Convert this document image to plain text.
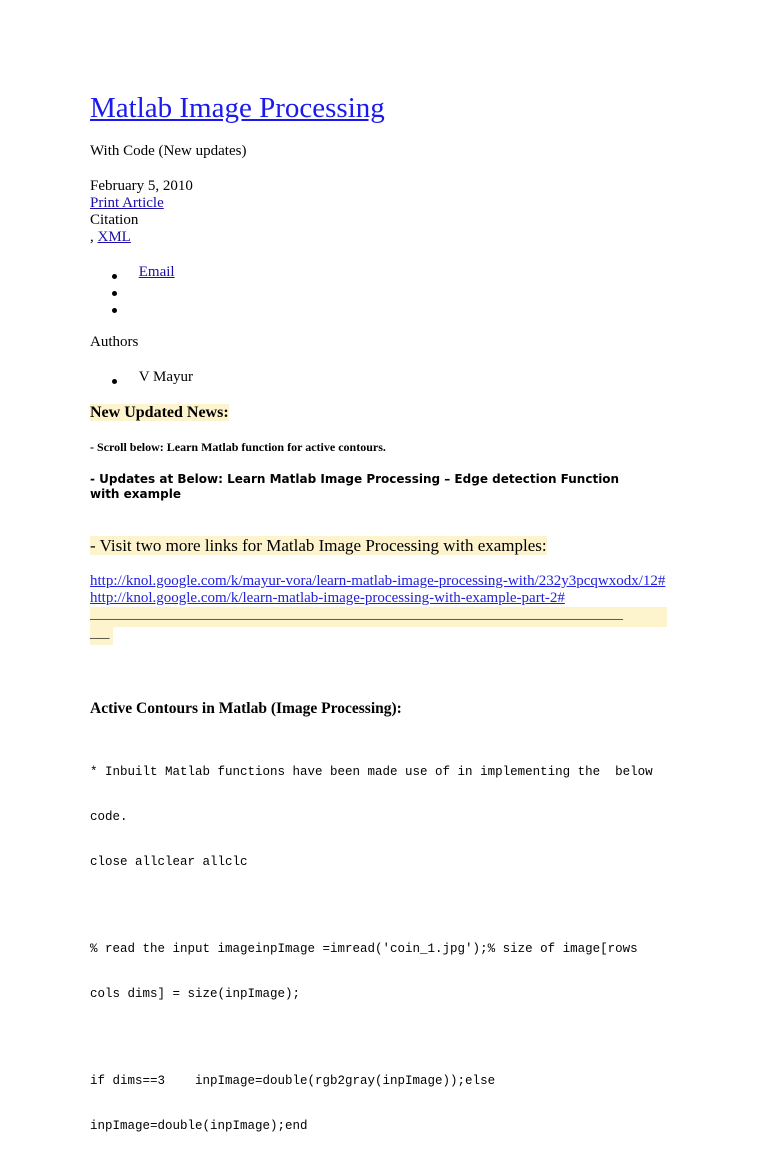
Matlab Image Processing
With Code (New updates)
February 5, 2010
Print Article
Citation
, XML
Email
Authors
V Mayur
New Updated News:
- Scroll below: Learn Matlab function for active contours.
- Updates at Below: Learn Matlab Image Processing – Edge detection Function with example
- Visit two more links for Matlab Image Processing with examples:
http://knol.google.com/k/mayur-vora/learn-matlab-image-processing-with/232y3pcqwxodx/12#
http://knol.google.com/k/learn-matlab-image-processing-with-example-part-2#
__________________________________________________________________________________
___
Active Contours in Matlab (Image Processing):

* Inbuilt Matlab functions have been made use of in implementing the  below

code.

close allclear allclc

% read the input imageinpImage =imread('coin_1.jpg');% size of image[rows

cols dims] = size(inpImage);

if dims==3    inpImage=double(rgb2gray(inpImage));else

inpImage=double(inpImage);end
